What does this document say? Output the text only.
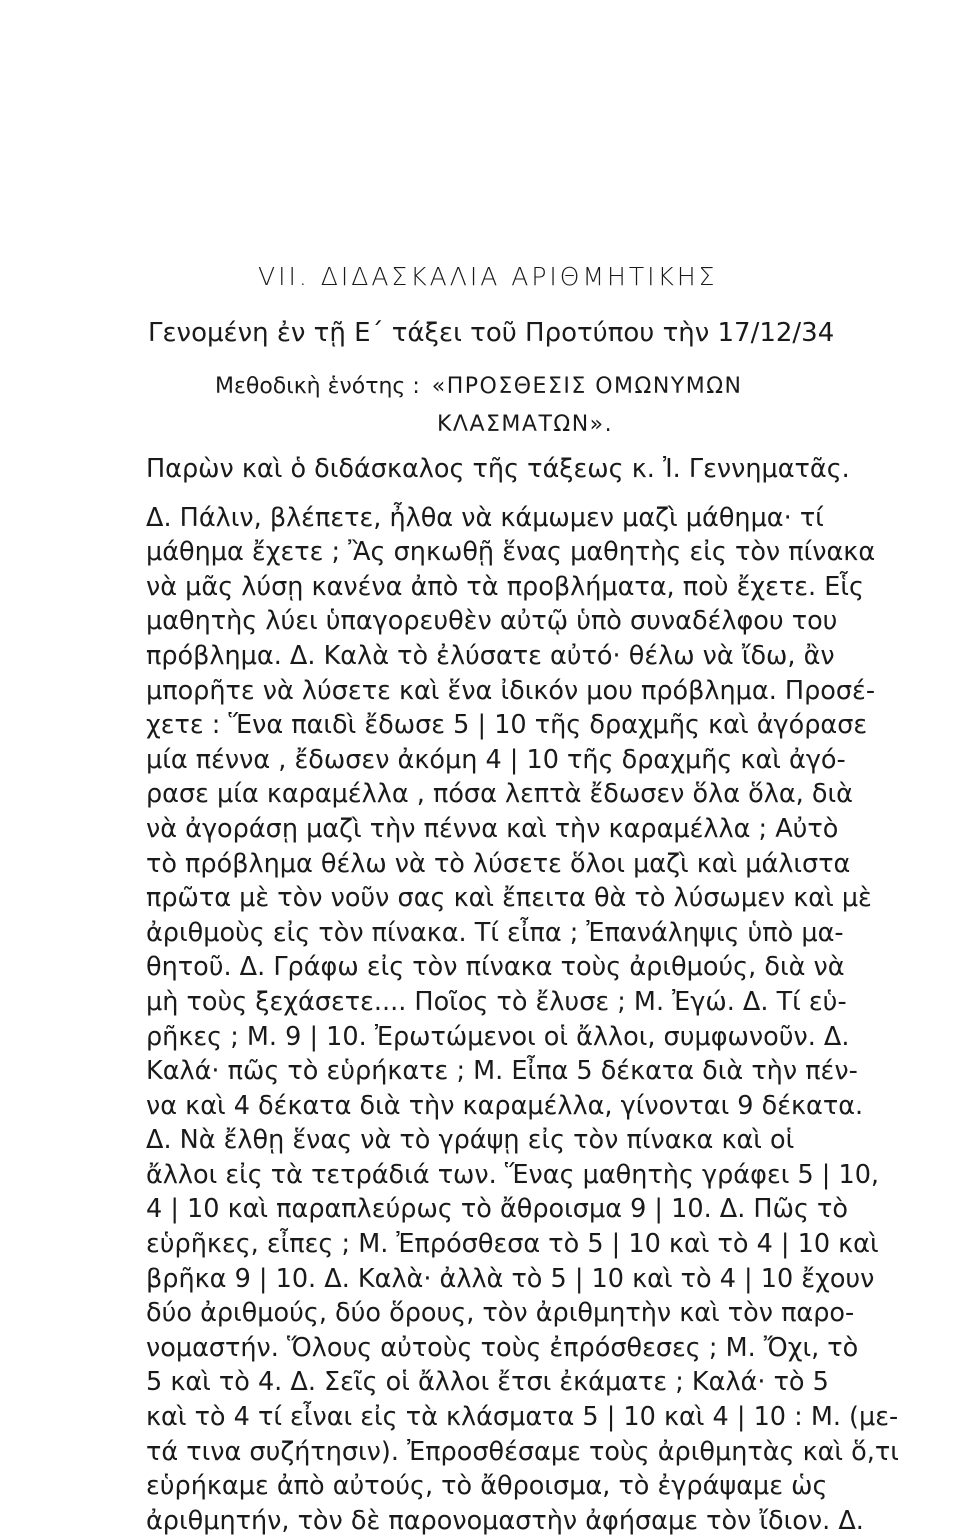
VII. ΔΙΔΑΣΚΑΛΙΑ ΑΡΙΘΜΗΤΙΚΗΣ
Γενομένη ἐν τῇ Ε΄ τάξει τοῦ Προτύπου τὴν 17/12/34
Μεθοδικὴ ἑνότης : «ΠΡΟΣΘΕΣΙΣ ΟΜΩΝΥΜΩΝ
ΚΛΑΣΜΑΤΩΝ».
Παρὼν καὶ ὁ διδάσκαλος τῆς τάξεως κ. Ἰ. Γεννηματᾶς.
Δ. Πάλιν, βλέπετε, ἦλθα νὰ κάμωμεν μαζὶ μάθημα· τί
μάθημα ἔχετε ; Ἂς σηκωθῇ ἕνας μαθητὴς εἰς τὸν πίνακα
νὰ μᾶς λύσῃ κανένα ἀπὸ τὰ προβλήματα, ποὺ ἔχετε. Εἷς
μαθητὴς λύει ὑπαγορευθὲν αὐτῷ ὑπὸ συναδέλφου του
πρόβλημα. Δ. Καλὰ τὸ ἐλύσατε αὐτό· θέλω νὰ ἴδω, ἂν
μπορῆτε νὰ λύσετε καὶ ἕνα ἰδικόν μου πρόβλημα. Προσέ-
χετε : Ἕνα παιδὶ ἔδωσε 5 | 10 τῆς δραχμῆς καὶ ἀγόρασε
μία πέννα , ἔδωσεν ἀκόμη 4 | 10 τῆς δραχμῆς καὶ ἀγό-
ρασε μία καραμέλλα , πόσα λεπτὰ ἔδωσεν ὅλα ὅλα, διὰ
νὰ ἀγοράσῃ μαζὶ τὴν πέννα καὶ τὴν καραμέλλα ; Αὐτὸ
τὸ πρόβλημα θέλω νὰ τὸ λύσετε ὅλοι μαζὶ καὶ μάλιστα
πρῶτα μὲ τὸν νοῦν σας καὶ ἔπειτα θὰ τὸ λύσωμεν καὶ μὲ
ἀριθμοὺς εἰς τὸν πίνακα. Τί εἶπα ; Ἐπανάληψις ὑπὸ μα-
θητοῦ. Δ. Γράφω εἰς τὸν πίνακα τοὺς ἀριθμούς, διὰ νὰ
μὴ τοὺς ξεχάσετε.... Ποῖος τὸ ἔλυσε ; Μ. Ἐγώ. Δ. Τί εὑ-
ρῆκες ; Μ. 9 | 10. Ἐρωτώμενοι οἱ ἄλλοι, συμφωνοῦν. Δ.
Καλά· πῶς τὸ εὑρήκατε ; Μ. Εἶπα 5 δέκατα διὰ τὴν πέν-
να καὶ 4 δέκατα διὰ τὴν καραμέλλα, γίνονται 9 δέκατα.
Δ. Νὰ ἔλθῃ ἕνας νὰ τὸ γράψῃ εἰς τὸν πίνακα καὶ οἱ
ἄλλοι εἰς τὰ τετράδιά των. Ἕνας μαθητὴς γράφει 5 | 10,
4 | 10 καὶ παραπλεύρως τὸ ἄθροισμα 9 | 10. Δ. Πῶς τὸ
εὑρῆκες, εἶπες ; Μ. Ἐπρόσθεσα τὸ 5 | 10 καὶ τὸ 4 | 10 καὶ
βρῆκα 9 | 10. Δ. Καλὰ· ἀλλὰ τὸ 5 | 10 καὶ τὸ 4 | 10 ἔχουν
δύο ἀριθμούς, δύο ὅρους, τὸν ἀριθμητὴν καὶ τὸν παρο-
νομαστήν. Ὅλους αὐτοὺς τοὺς ἐπρόσθεσες ; Μ. Ὄχι, τὸ
5 καὶ τὸ 4. Δ. Σεῖς οἱ ἄλλοι ἔτσι ἐκάματε ; Καλά· τὸ 5
καὶ τὸ 4 τί εἶναι εἰς τὰ κλάσματα 5 | 10 καὶ 4 | 10 : Μ. (με-
τά τινα συζήτησιν). Ἐπροσθέσαμε τοὺς ἀριθμητὰς καὶ ὅ,τι
εὑρήκαμε ἀπὸ αὐτούς, τὸ ἄθροισμα, τὸ ἐγράψαμε ὡς
ἀριθμητήν, τὸν δὲ παρονομαστὴν ἀφήσαμε τὸν ἴδιον. Δ.
